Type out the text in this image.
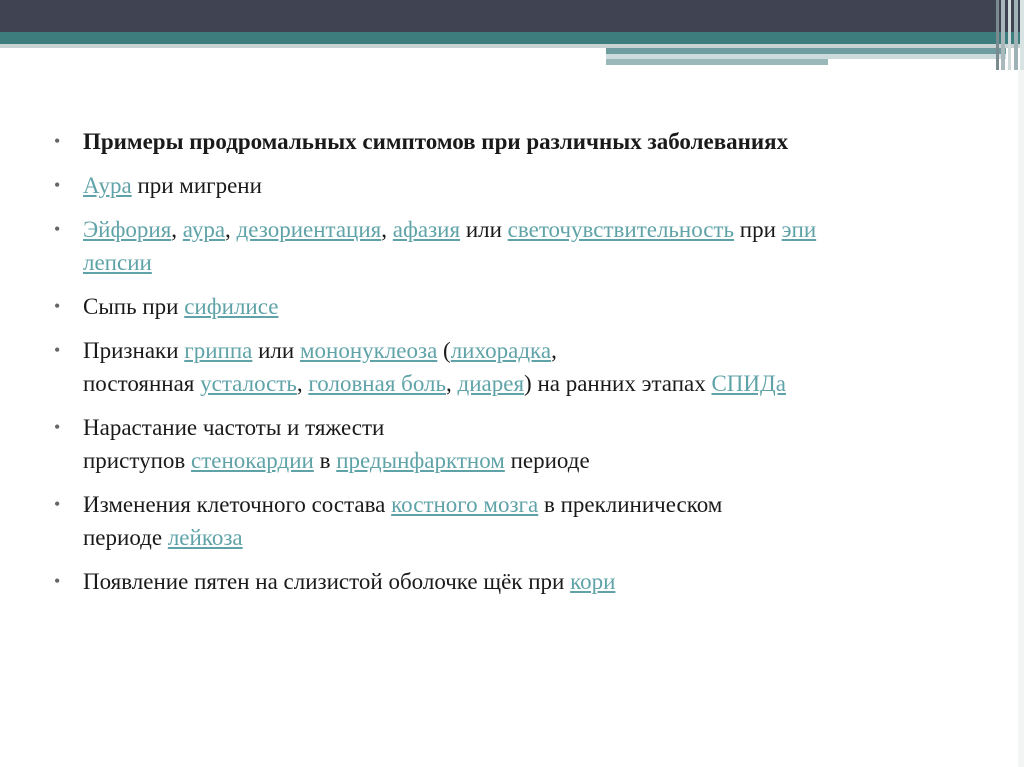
• Примеры продромальных симптомов при различных заболеваниях
• Аура при мигрени
• Эйфория, аура, дезориентация, афазия или светочувствительность при эпи
лепсии
• Сыпь при сифилисе
• Признаки гриппа или мононуклеоза (лихорадка,
постоянная усталость, головная боль, диарея) на ранних этапах СПИДа
• Нарастание частоты и тяжести
приступов стенокардии в предынфарктном периоде
• Изменения клеточного состава костного мозга в преклиническом
периоде лейкоза
• Появление пятен на слизистой оболочке щёк при кори
